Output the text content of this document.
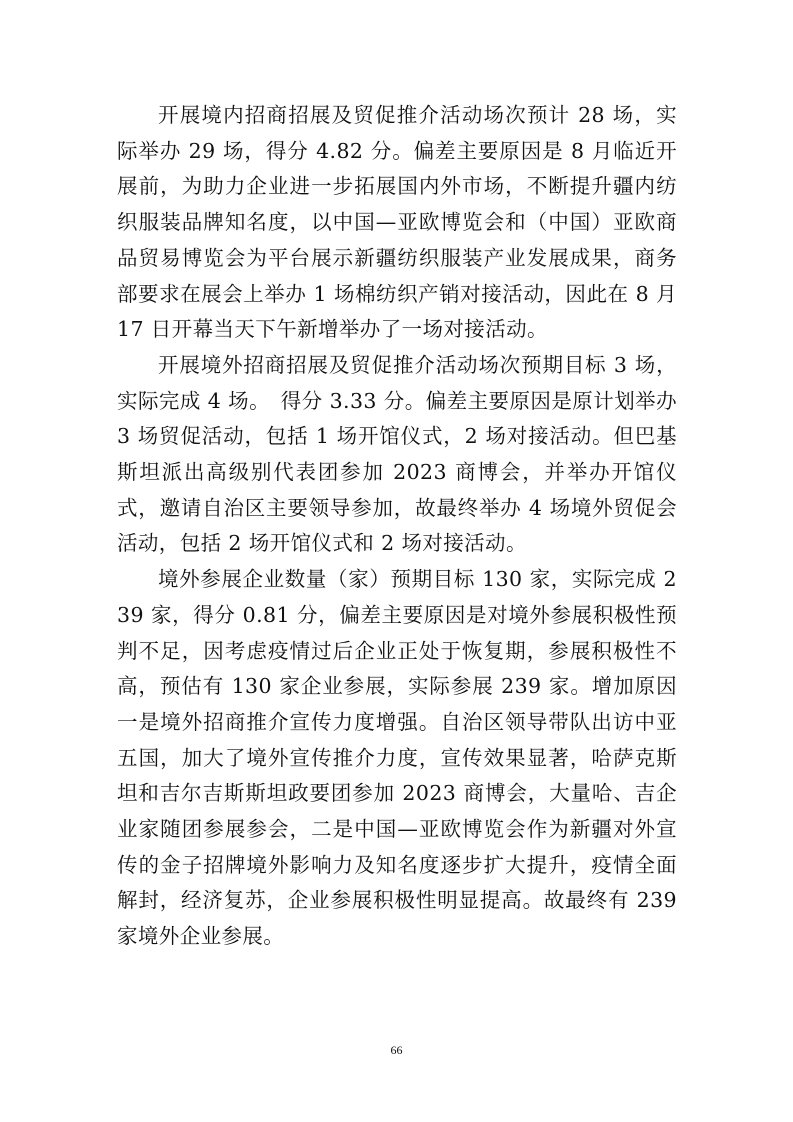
开展境内招商招展及贸促推介活动场次预计 28 场，实际举办 29 场，得分 4.82 分。偏差主要原因是 8 月临近开展前，为助力企业进一步拓展国内外市场，不断提升疆内纺织服装品牌知名度，以中国—亚欧博览会和（中国）亚欧商品贸易博览会为平台展示新疆纺织服装产业发展成果，商务部要求在展会上举办 1 场棉纺织产销对接活动，因此在 8 月 17 日开幕当天下午新增举办了一场对接活动。

开展境外招商招展及贸促推介活动场次预期目标 3 场，实际完成 4 场。　得分 3.33 分。偏差主要原因是原计划举办 3 场贸促活动，包括 1 场开馆仪式，2 场对接活动。但巴基斯坦派出高级别代表团参加 2023 商博会，并举办开馆仪式，邀请自治区主要领导参加，故最终举办 4 场境外贸促会活动，包括 2 场开馆仪式和 2 场对接活动。

境外参展企业数量（家）预期目标 130 家，实际完成 239 家，得分 0.81 分，偏差主要原因是对境外参展积极性预判不足，因考虑疫情过后企业正处于恢复期，参展积极性不高，预估有 130 家企业参展，实际参展 239 家。增加原因一是境外招商推介宣传力度增强。自治区领导带队出访中亚五国，加大了境外宣传推介力度，宣传效果显著，哈萨克斯坦和吉尔吉斯斯坦政要团参加 2023 商博会，大量哈、吉企业家随团参展参会，二是中国—亚欧博览会作为新疆对外宣传的金子招牌境外影响力及知名度逐步扩大提升，疫情全面解封，经济复苏，企业参展积极性明显提高。故最终有 239 家境外企业参展。

66
